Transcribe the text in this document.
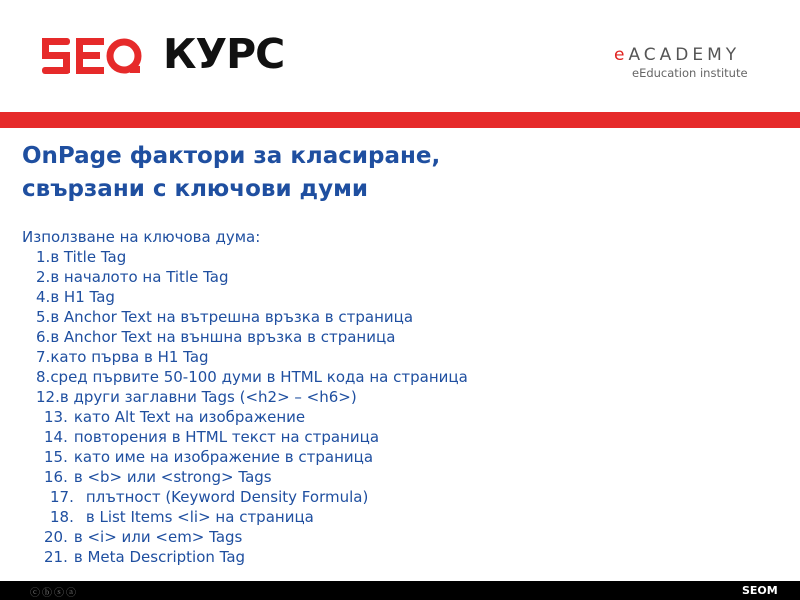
КУРС	eACADEMY
eEducation institute
OnPage фактори за класиране,
свързани с ключови думи
Използване на ключова дума:
1.в Title Tag
2.в началото на Title Tag
4.в H1 Tag
5.в Anchor Text на вътрешна връзка в страница
6.в Anchor Text на външна връзка в страница
7.като първа в H1 Tag
8.сред първите 50-100 думи в HTML кода на страница
12.в други заглавни Tags (<h2> – <h6>)
13. като Alt Text на изображение
14. повторения в HTML текст на страница
15. като име на изображение в страница
16. в <b> или <strong> Tags
17. плътност (Keyword Density Formula)
18. в List Items <li> на страница
20. в <i> или <em> Tags
21. в Meta Description Tag
ⓒⓑⓢⓐ	SEOM
